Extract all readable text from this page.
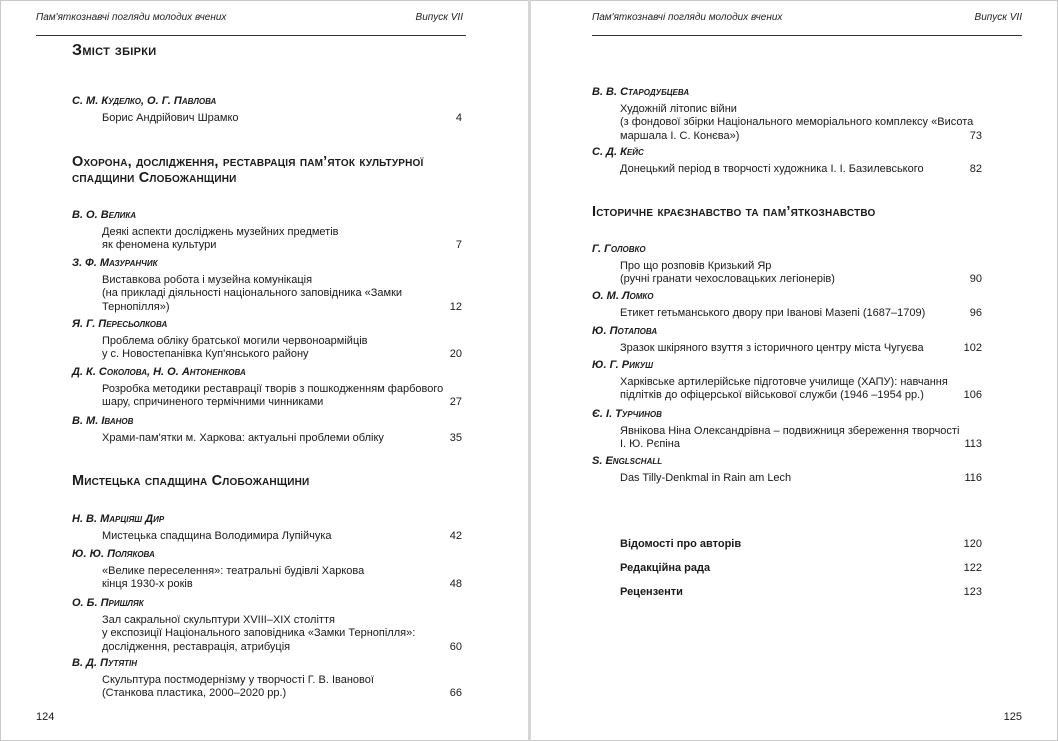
Пам'яткознавчі погляди молодих вчених	Випуск VII
Зміст збірки
Охорона, дослідження, реставрація пам’яток культурної
спадщини Слобожанщини
Мистецька спадщина Слобожанщини
С. М. Куделко, О. Г. Павлова
Борис Андрійович Шрамко	4
В. О. Велика
Деякі аспекти досліджень музейних предметів
як феномена культури	7
З. Ф. Мазуранчик
Виставкова робота і музейна комунікація
(на прикладі діяльності національного заповідника «Замки
Тернопілля»)	12
Я. Г. Пересьолкова
Проблема обліку братської могили червоноармійців
у с. Новостепанівка Куп'янського району	20
Д. К. Соколова, Н. О. Антоненкова
Розробка методики реставрації творів з пошкодженням фарбового
шару, спричиненого термічними чинниками	27
В. М. Іванов
Храми-пам'ятки м. Харкова: актуальні проблеми обліку	35
Н. В. Марціяш Дир
Мистецька спадщина Володимира Лупійчука	42
Ю. Ю. Полякова
«Велике переселення»: театральні будівлі Харкова
кінця 1930-х років	48
О. Б. Пришляк
Зал сакральної скульптури XVIII–XIX століття
у експозиції Національного заповідника «Замки Тернопілля»:
дослідження, реставрація, атрибуція	60
В. Д. Путятін
Скульптура постмодернізму у творчості Г. В. Іванової
(Станкова пластика, 2000–2020 рр.)	66
124
Пам'яткознавчі погляди молодих вчених	Випуск VII
Історичне краєзнавство та пам’яткознавство
В. В. Стародубцева
Художній літопис війни
(з фондової збірки Національного меморіального комплексу «Висота
маршала І. С. Конєва»)	73
С. Д. Кейс
Донецький період в творчості художника І. І. Базилевського	82
Г. Головко
Про що розповів Кризький Яр
(ручні гранати чехословацьких легіонерів)	90
О. М. Ломко
Етикет гетьманського двору при Іванові Мазепі (1687–1709)	96
Ю. Потапова
Зразок шкіряного взуття з історичного центру міста Чугуєва	102
Ю. Г. Рикуш
Харківське артилерійське підготовче училище (ХАПУ): навчання
підлітків до офіцерської військової служби (1946 –1954 рр.)	106
Є. І. Турчинов
Явнікова Ніна Олександрівна – подвижниця збереження творчості
І. Ю. Рєпіна	113
S. Englschall
Das Tilly-Denkmal in Rain am Lech	116
Відомості про авторів	120
Редакційна рада	122
Рецензенти	123
125
